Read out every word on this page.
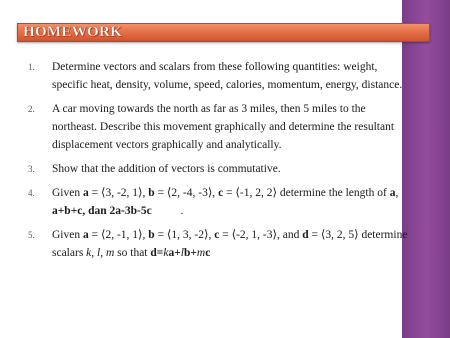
HOMEWORK
1. Determine vectors and scalars from these following quantities: weight, specific heat, density, volume, speed, calories, momentum, energy, distance.
2. A car moving towards the north as far as 3 miles, then 5 miles to the northeast. Describe this movement graphically and determine the resultant displacement vectors graphically and analytically.
3. Show that the addition of vectors is commutative.
4. Given a = ⟨3, -2, 1⟩, b = ⟨2, -4, -3⟩, c = ⟨-1, 2, 2⟩ determine the length of a,
a+b+c, dan 2a-3b-5c          .
5. Given a = ⟨2, -1, 1⟩, b = ⟨1, 3, -2⟩, c = ⟨-2, 1, -3⟩, and d = ⟨3, 2, 5⟩ determine scalars k, l, m so that d=ka+lb+mc
